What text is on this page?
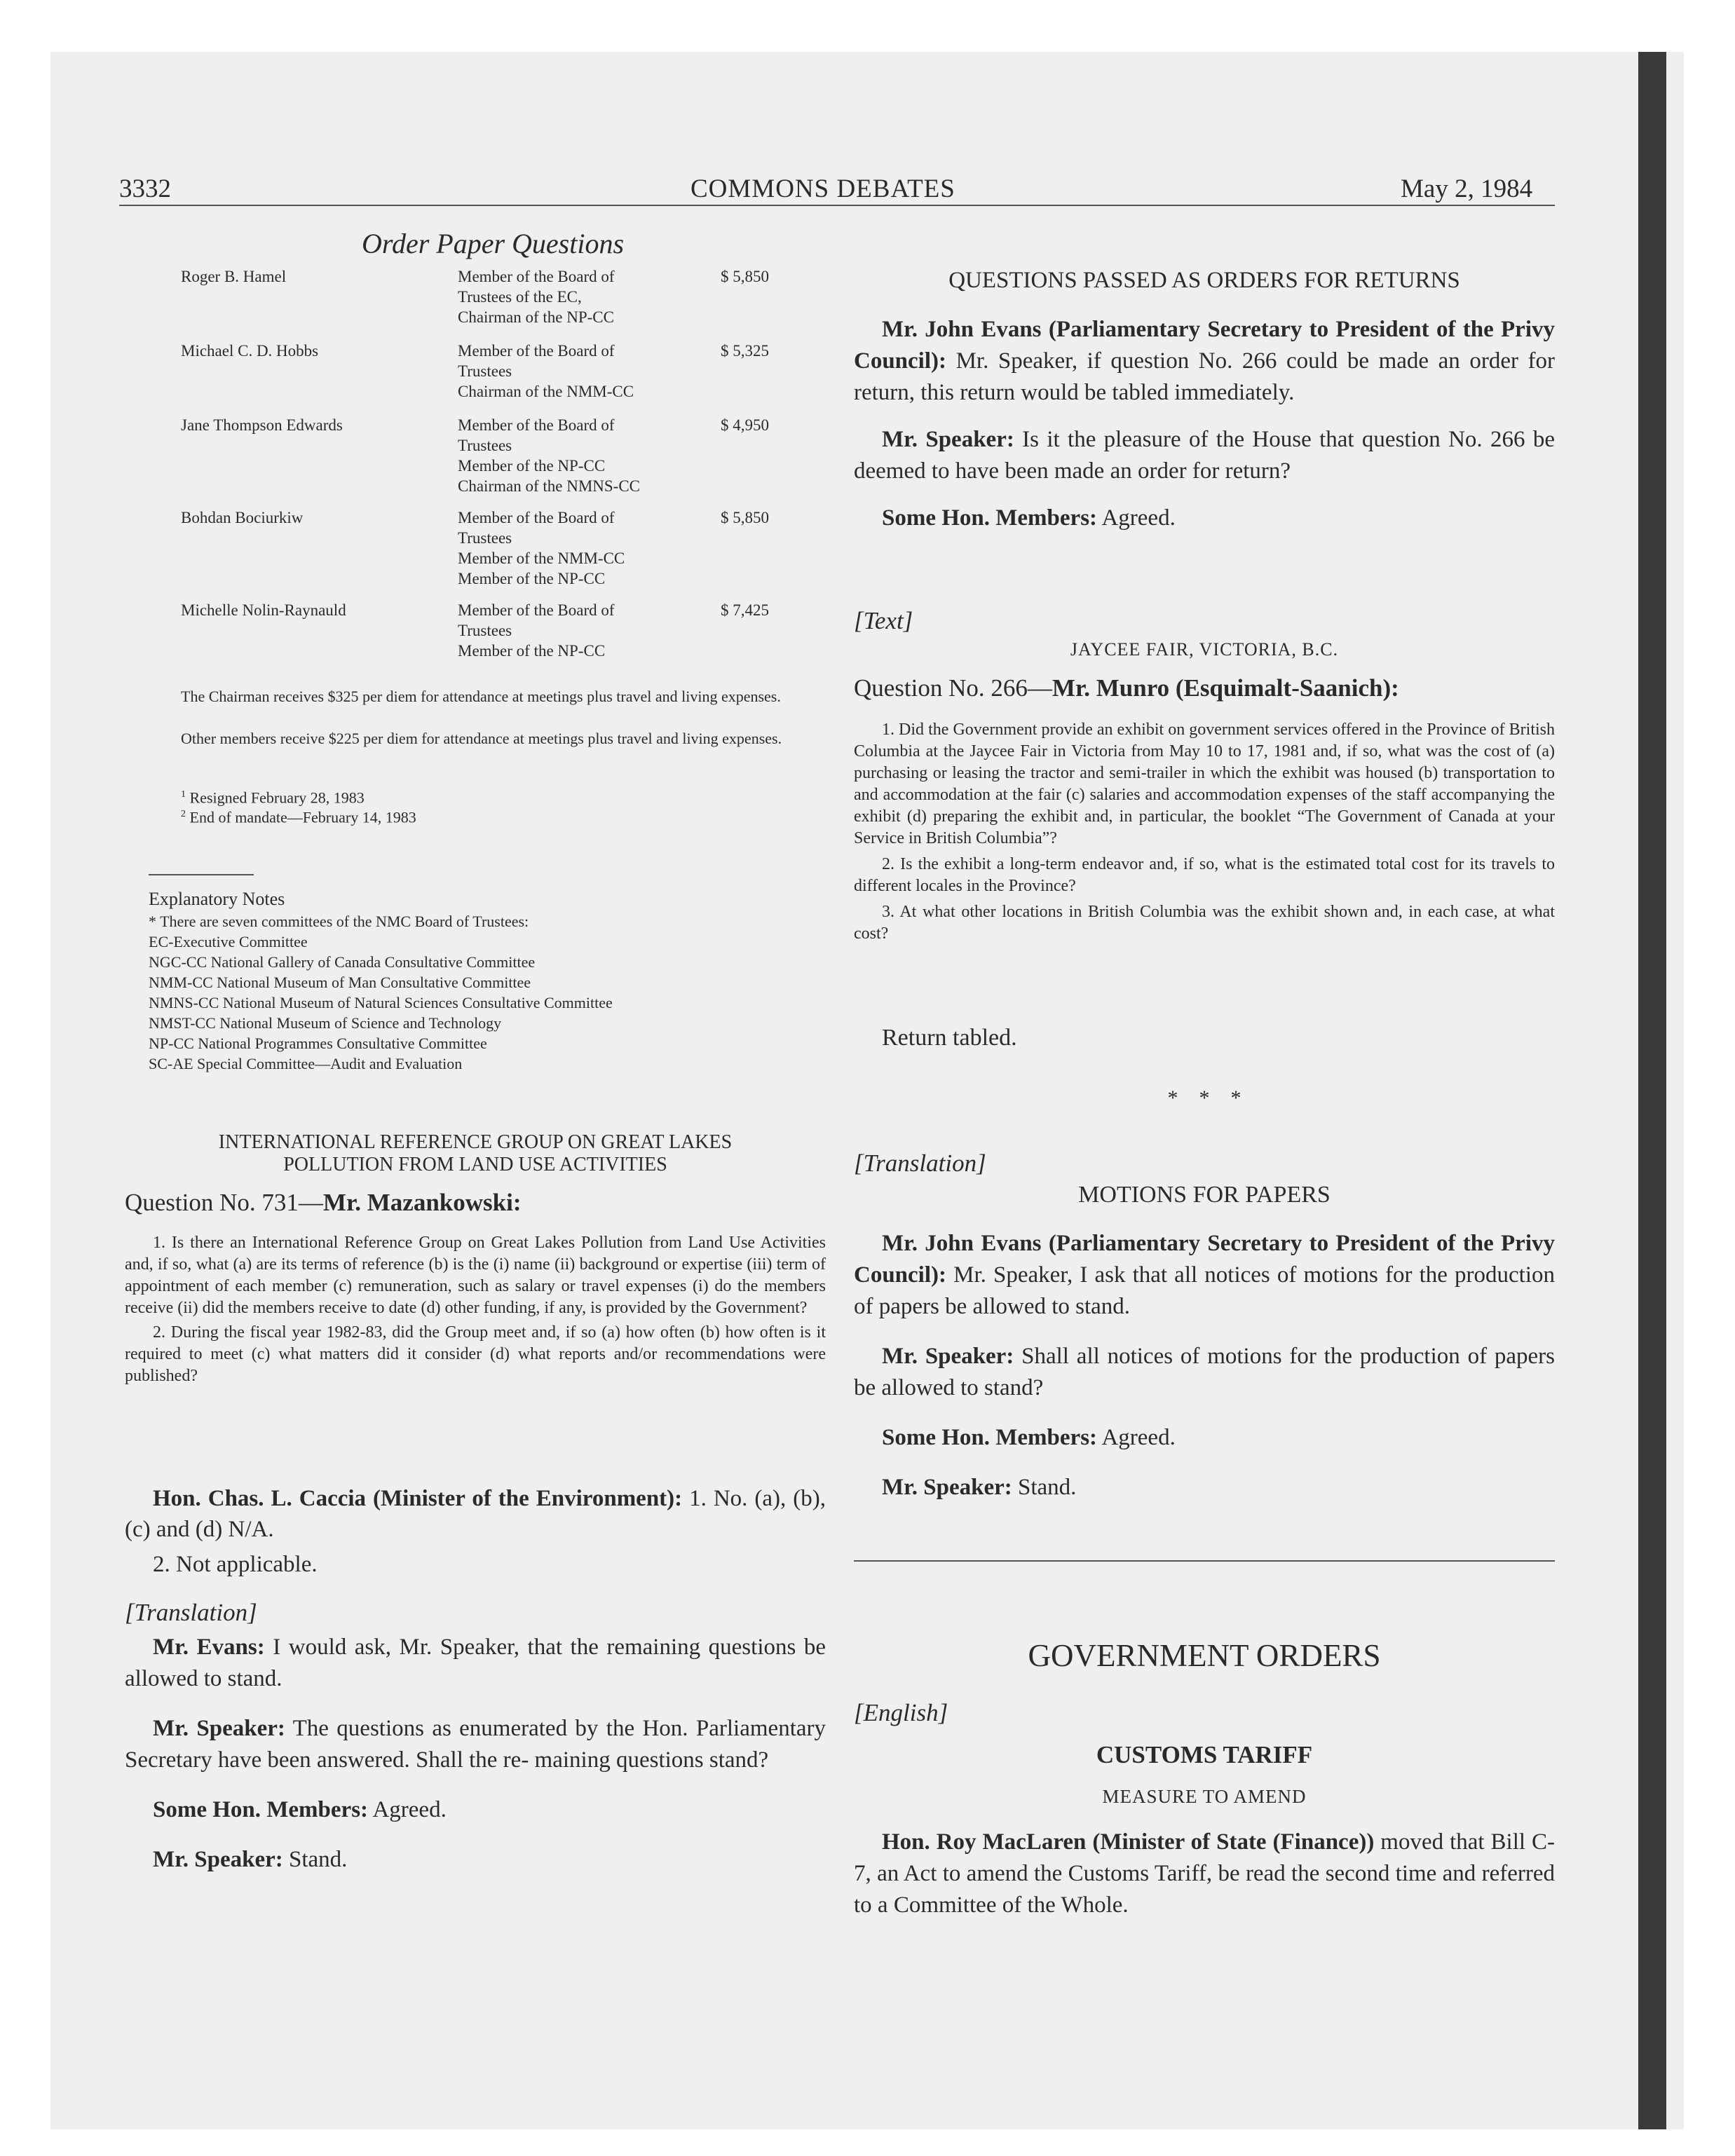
3332	COMMONS DEBATES	May 2, 1984
Order Paper Questions
Roger B. Hamel	Member of the Board of
Trustees of the EC,
Chairman of the NP-CC
$ 5,850
Michael C. D. Hobbs	Member of the Board of
Trustees
Chairman of the NMM-CC
$ 5,325
Jane Thompson Edwards	Member of the Board of
Trustees
Member of the NP-CC
Chairman of the NMNS-CC
$ 4,950
Bohdan Bociurkiw	Member of the Board of
Trustees
Member of the NMM-CC
Member of the NP-CC
$ 5,850
Michelle Nolin-Raynauld	Member of the Board of
Trustees
Member of the NP-CC
$ 7,425
The Chairman receives $325 per diem for attendance at meetings plus travel and living expenses.
Other members receive $225 per diem for attendance at meetings plus travel and living expenses.
$^1$ Resigned February 28, 1983
$^2$ End of mandate—February 14, 1983
Explanatory Notes
* There are seven committees of the NMC Board of Trustees:
EC-Executive Committee
NGC-CC National Gallery of Canada Consultative Committee
NMM-CC National Museum of Man Consultative Committee
NMNS-CC National Museum of Natural Sciences Consultative Committee
NMST-CC National Museum of Science and Technology
NP-CC National Programmes Consultative Committee
SC-AE Special Committee—Audit and Evaluation
INTERNATIONAL REFERENCE GROUP ON GREAT LAKES
POLLUTION FROM LAND USE ACTIVITIES
Question No. 731—Mr. Mazankowski:

1. Is there an International Reference Group on Great Lakes Pollution from Land Use Activities and, if so, what (a) are its terms of reference (b) is the (i) name (ii) background or expertise (iii) term of appointment of each member (c) remuneration, such as salary or travel expenses (i) do the members receive (ii) did the members receive to date (d) other funding, if any, is provided by the Government?

2. During the fiscal year 1982-83, did the Group meet and, if so (a) how often (b) how often is it required to meet (c) what matters did it consider (d) what reports and/or recommendations were published?

Hon. Chas. L. Caccia (Minister of the Environment): 1. No. (a), (b), (c) and (d) N/A.

2. Not applicable.

[Translation]

Mr. Evans: I would ask, Mr. Speaker, that the remaining questions be allowed to stand.

Mr. Speaker: The questions as enumerated by the Hon. Parliamentary Secretary have been answered. Shall the re- maining questions stand?

Some Hon. Members: Agreed.

Mr. Speaker: Stand.

QUESTIONS PASSED AS ORDERS FOR RETURNS

Mr. John Evans (Parliamentary Secretary to President of the Privy Council): Mr. Speaker, if question No. 266 could be made an order for return, this return would be tabled immediately.

Mr. Speaker: Is it the pleasure of the House that question No. 266 be deemed to have been made an order for return?

Some Hon. Members: Agreed.

[Text]
JAYCEE FAIR, VICTORIA, B.C.
Question No. 266—Mr. Munro (Esquimalt-Saanich):

1. Did the Government provide an exhibit on government services offered in the Province of British Columbia at the Jaycee Fair in Victoria from May 10 to 17, 1981 and, if so, what was the cost of (a) purchasing or leasing the tractor and semi-trailer in which the exhibit was housed (b) transportation to and accommodation at the fair (c) salaries and accommodation expenses of the staff accompanying the exhibit (d) preparing the exhibit and, in particular, the booklet “The Government of Canada at your Service in British Columbia”?

2. Is the exhibit a long-term endeavor and, if so, what is the estimated total cost for its travels to different locales in the Province?

3. At what other locations in British Columbia was the exhibit shown and, in each case, at what cost?

Return tabled.
*    *    *
[Translation]
MOTIONS FOR PAPERS

Mr. John Evans (Parliamentary Secretary to President of the Privy Council): Mr. Speaker, I ask that all notices of motions for the production of papers be allowed to stand.

Mr. Speaker: Shall all notices of motions for the production of papers be allowed to stand?

Some Hon. Members: Agreed.

Mr. Speaker: Stand.

GOVERNMENT ORDERS
[English]
CUSTOMS TARIFF
MEASURE TO AMEND

Hon. Roy MacLaren (Minister of State (Finance)) moved that Bill C-7, an Act to amend the Customs Tariff, be read the second time and referred to a Committee of the Whole.
